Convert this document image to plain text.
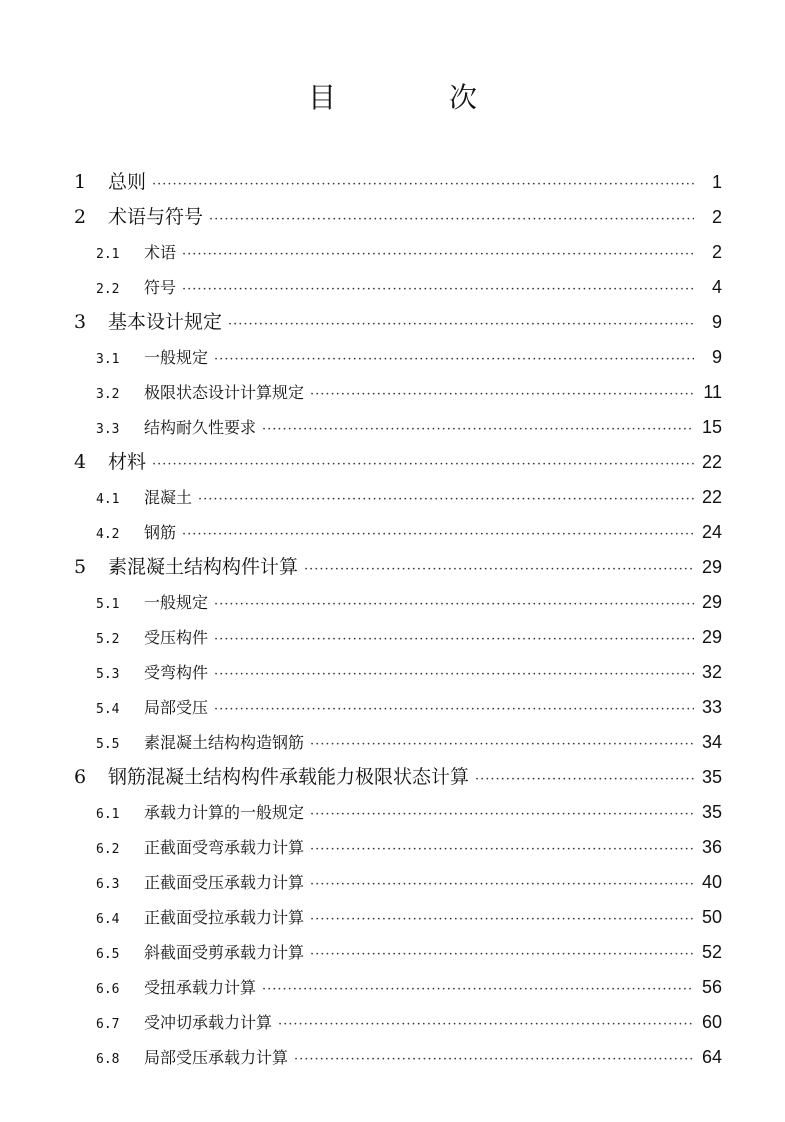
目 次
1	总则 ·····	1
2	术语与符号 ·····	2
2.1	术语 ·····	2
2.2	符号 ·····	4
3	基本设计规定 ·····	9
3.1	一般规定 ·····	9
3.2	极限状态设计计算规定 ·····	11
3.3	结构耐久性要求 ·····	15
4	材料 ·····	22
4.1	混凝土 ·····	22
4.2	钢筋 ·····	24
5	素混凝土结构构件计算 ·····	29
5.1	一般规定 ·····	29
5.2	受压构件 ·····	29
5.3	受弯构件 ·····	32
5.4	局部受压 ·····	33
5.5	素混凝土结构构造钢筋 ·····	34
6	钢筋混凝土结构构件承载能力极限状态计算 ·····	35
6.1	承载力计算的一般规定 ·····	35
6.2	正截面受弯承载力计算 ·····	36
6.3	正截面受压承载力计算 ·····	40
6.4	正截面受拉承载力计算 ·····	50
6.5	斜截面受剪承载力计算 ·····	52
6.6	受扭承载力计算 ·····	56
6.7	受冲切承载力计算 ·····	60
6.8	局部受压承载力计算 ·····	64
